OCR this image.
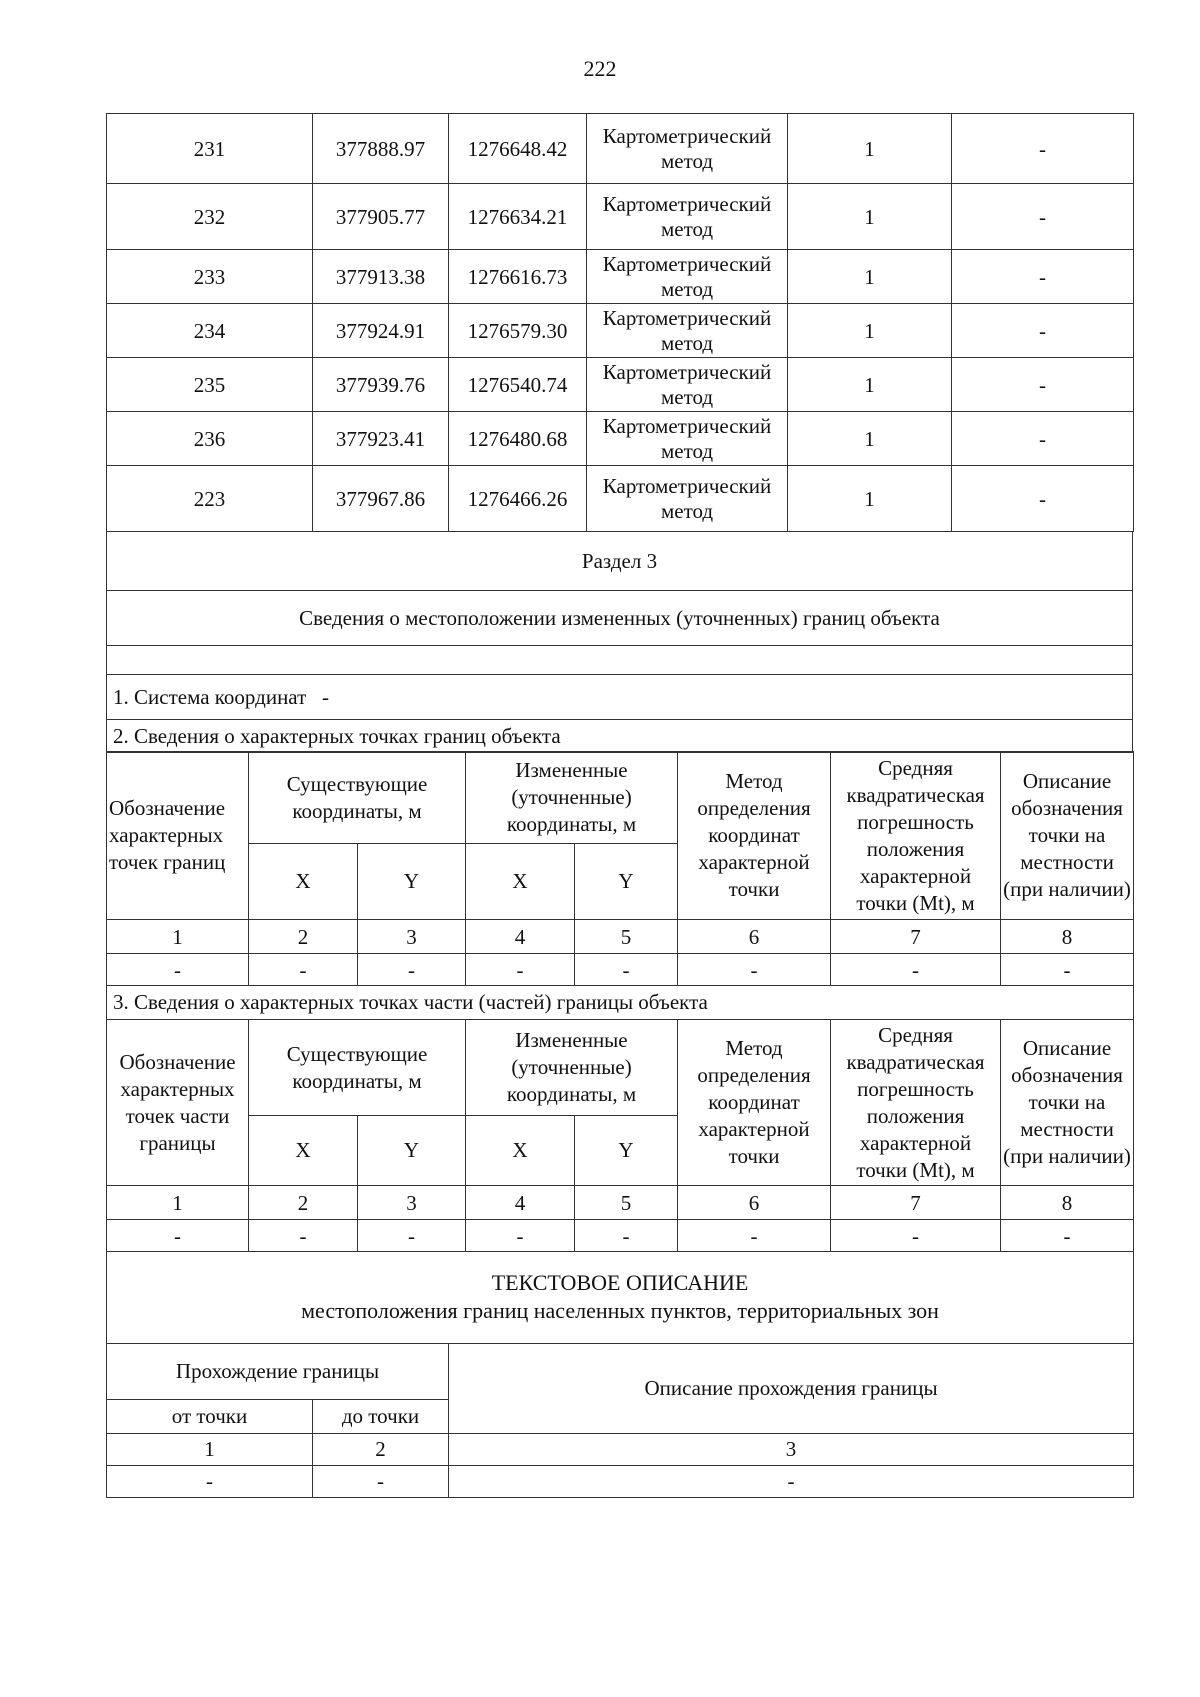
222
231	377888.97	1276648.42	Картометрический метод	1	-
232	377905.77	1276634.21	Картометрический метод	1	-
233	377913.38	1276616.73	Картометрический метод	1	-
234	377924.91	1276579.30	Картометрический метод	1	-
235	377939.76	1276540.74	Картометрический метод	1	-
236	377923.41	1276480.68	Картометрический метод	1	-
223	377967.86	1276466.26	Картометрический метод	1	-
Раздел 3
Сведения о местоположении измененных (уточненных) границ объекта

1. Система координат   -
2. Сведения о характерных точках границ объекта
Обозначение характерных точек границ	Существующие координаты, м		Измененные (уточненные) координаты, м		Метод определения координат характерной точки	Средняя квадратическая погрешность положения характерной точки (Mt), м	Описание обозначения точки на местности (при наличии)
	X	Y	X	Y			
1	2	3	4	5	6	7	8
-	-	-	-	-	-	-	-
3. Сведения о характерных точках части (частей) границы объекта							
Обозначение характерных точек части границы	Существующие координаты, м		Измененные (уточненные) координаты, м		Метод определения координат характерной точки	Средняя квадратическая погрешность положения характерной точки (Mt), м	Описание обозначения точки на местности (при наличии)
	X	Y	X	Y			
1	2	3	4	5	6	7	8
-	-	-	-	-	-	-	-
ТЕКСТОВОЕ ОПИСАНИЕ
местоположения границ населенных пунктов, территориальных зон		

Прохождение границы		Описание прохождения границы
от точки	до точки	
1	2	3
-	-	-
